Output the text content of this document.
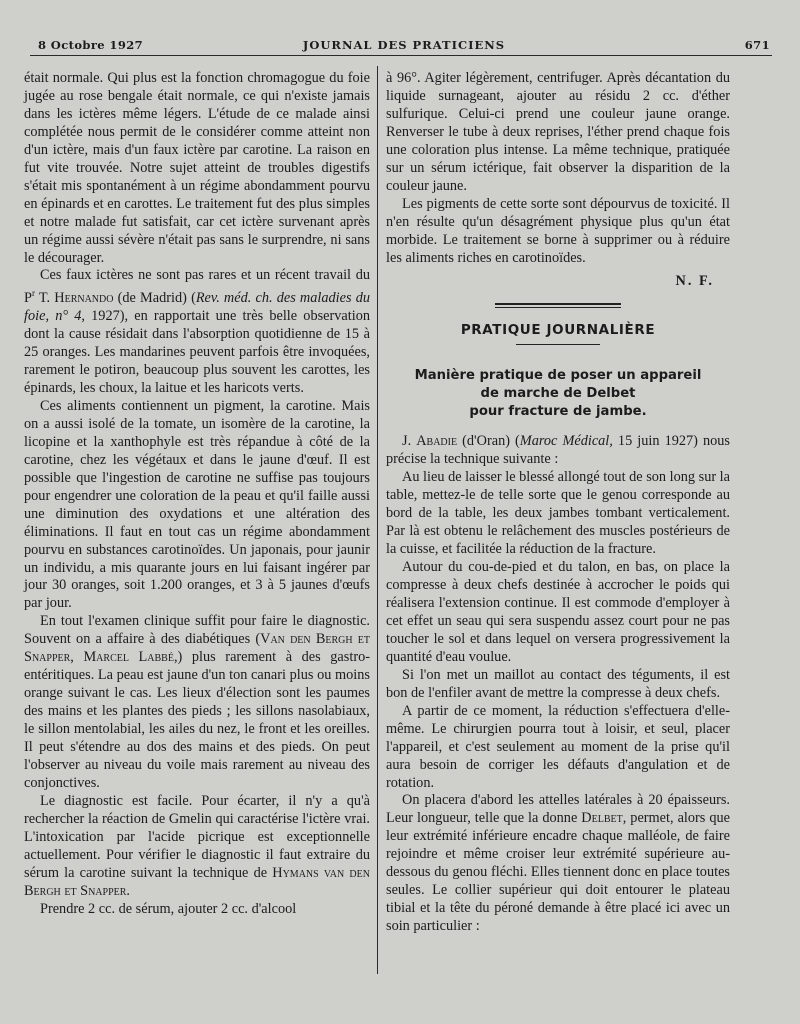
8 Octobre 1927	JOURNAL DES PRATICIENS	671

était normale. Qui plus est la fonction chromagogue du foie jugée au rose bengale était normale, ce qui n'existe jamais dans les ictères même légers. L'étude de ce malade ainsi complétée nous permit de le considérer comme atteint non d'un ictère, mais d'un faux ictère par carotine. La raison en fut vite trouvée. Notre sujet atteint de troubles digestifs s'était mis spontanément à un régime abondamment pourvu en épinards et en carottes. Le traitement fut des plus simples et notre malade fut satisfait, car cet ictère survenant après un régime aussi sévère n'était pas sans le surprendre, ni sans le décourager.

Ces faux ictères ne sont pas rares et un récent travail du $P^r$ T. Hernando (de Madrid) (Rev. méd. ch. des maladies du foie, n° 4, 1927), en rapportait une très belle observation dont la cause résidait dans l'absorption quotidienne de 15 à 25 oranges. Les mandarines peuvent parfois être invoquées, rarement le potiron, beaucoup plus souvent les carottes, les épinards, les choux, la laitue et les haricots verts.

Ces aliments contiennent un pigment, la carotine. Mais on a aussi isolé de la tomate, un isomère de la carotine, la licopine et la xanthophyle est très répandue à côté de la carotine, chez les végétaux et dans le jaune d'œuf. Il est possible que l'ingestion de carotine ne suffise pas toujours pour engendrer une coloration de la peau et qu'il faille aussi une diminution des oxydations et une altération des éliminations. Il faut en tout cas un régime abondamment pourvu en substances carotinoïdes. Un japonais, pour jaunir un individu, a mis quarante jours en lui faisant ingérer par jour 30 oranges, soit 1.200 oranges, et 3 à 5 jaunes d'œufs par jour.

En tout l'examen clinique suffit pour faire le diagnostic. Souvent on a affaire à des diabétiques (Van den Bergh et Snapper, Marcel Labbé,) plus rarement à des gastro-entéritiques. La peau est jaune d'un ton canari plus ou moins orange suivant le cas. Les lieux d'élection sont les paumes des mains et les plantes des pieds ; les sillons nasolabiaux, le sillon mentolabial, les ailes du nez, le front et les oreilles. Il peut s'étendre au dos des mains et des pieds. On peut l'observer au niveau du voile mais rarement au niveau des conjonctives.

Le diagnostic est facile. Pour écarter, il n'y a qu'à rechercher la réaction de Gmelin qui caractérise l'ictère vrai. L'intoxication par l'acide picrique est exceptionnelle actuellement. Pour vérifier le diagnostic il faut extraire du sérum la carotine suivant la technique de Hymans van den Bergh et Snapper.

Prendre 2 cc. de sérum, ajouter 2 cc. d'alcool

à 96°. Agiter légèrement, centrifuger. Après décantation du liquide surnageant, ajouter au résidu 2 cc. d'éther sulfurique. Celui-ci prend une couleur jaune orange. Renverser le tube à deux reprises, l'éther prend chaque fois une coloration plus intense. La même technique, pratiquée sur un sérum ictérique, fait observer la disparition de la couleur jaune.

Les pigments de cette sorte sont dépourvus de toxicité. Il n'en résulte qu'un désagrément physique plus qu'un état morbide. Le traitement se borne à supprimer ou à réduire les aliments riches en carotinoïdes.

N. F.
PRATIQUE JOURNALIÈRE
Manière pratique de poser un appareil
de marche de Delbet
pour fracture de jambe.

J. Abadie (d'Oran) (Maroc Médical, 15 juin 1927) nous précise la technique suivante :

Au lieu de laisser le blessé allongé tout de son long sur la table, mettez-le de telle sorte que le genou corresponde au bord de la table, les deux jambes tombant verticalement. Par là est obtenu le relâchement des muscles postérieurs de la cuisse, et facilitée la réduction de la fracture.

Autour du cou-de-pied et du talon, en bas, on place la compresse à deux chefs destinée à accrocher le poids qui réalisera l'extension continue. Il est commode d'employer à cet effet un seau qui sera suspendu assez court pour ne pas toucher le sol et dans lequel on versera progressivement la quantité d'eau voulue.

Si l'on met un maillot au contact des téguments, il est bon de l'enfiler avant de mettre la compresse à deux chefs.

A partir de ce moment, la réduction s'effectuera d'elle-même. Le chirurgien pourra tout à loisir, et seul, placer l'appareil, et c'est seulement au moment de la prise qu'il aura besoin de corriger les défauts d'angulation et de rotation.

On placera d'abord les attelles latérales à 20 épaisseurs. Leur longueur, telle que la donne Delbet, permet, alors que leur extrémité inférieure encadre chaque malléole, de faire rejoindre et même croiser leur extrémité supérieure au-dessous du genou fléchi. Elles tiennent donc en place toutes seules. Le collier supérieur qui doit entourer le plateau tibial et la tête du péroné demande à être placé ici avec un soin particulier :
